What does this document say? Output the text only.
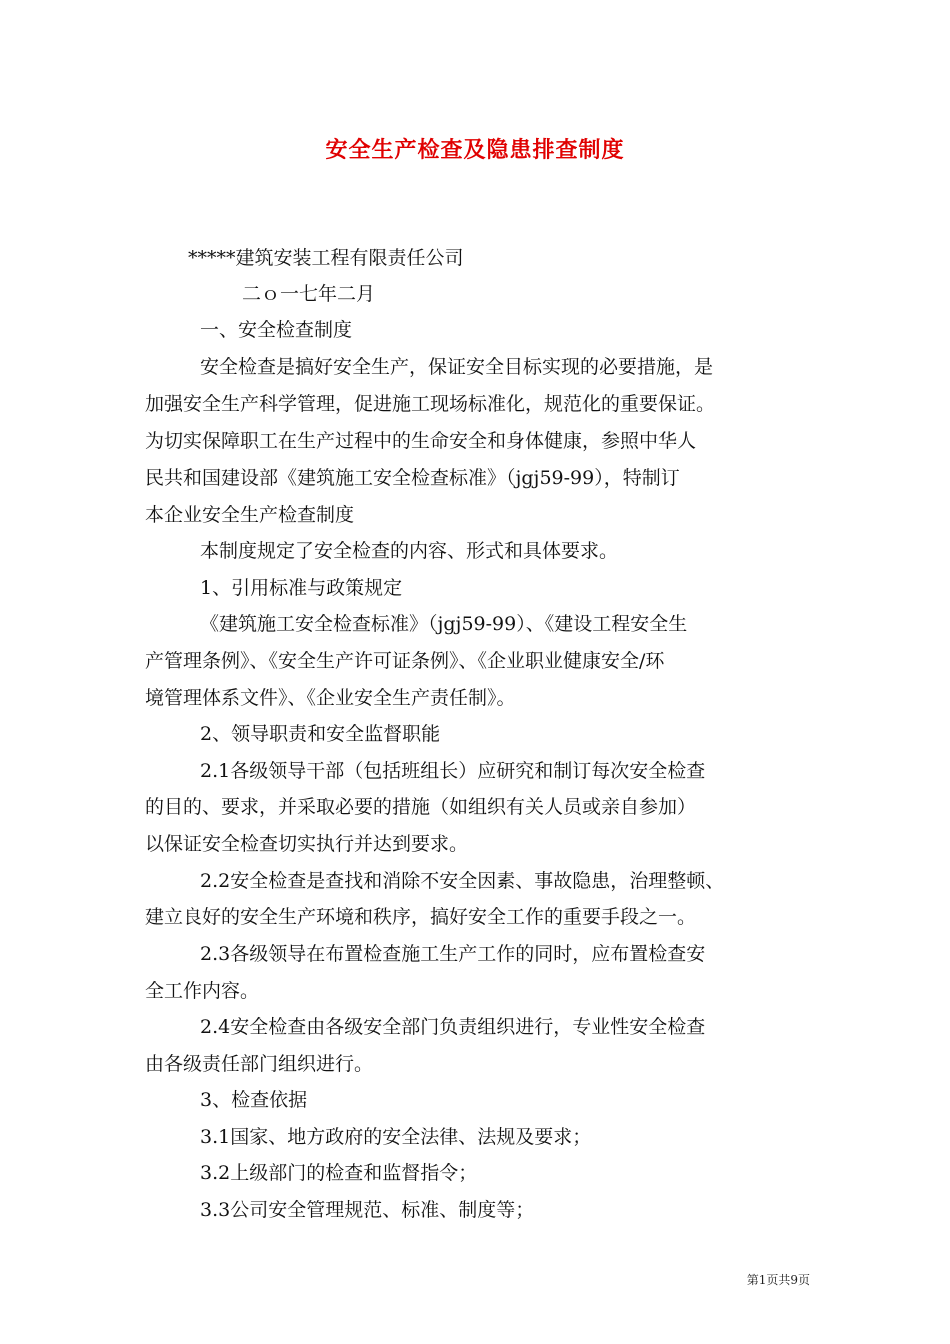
安全生产检查及隐患排查制度
*****建筑安装工程有限责任公司
二ｏ一七年二月
一、安全检查制度
安全检查是搞好安全生产，保证安全目标实现的必要措施，是
加强安全生产科学管理，促进施工现场标准化，规范化的重要保证。
为切实保障职工在生产过程中的生命安全和身体健康，参照中华人
民共和国建设部《建筑施工安全检查标准》（jgj59-99），特制订
本企业安全生产检查制度
本制度规定了安全检查的内容、形式和具体要求。
1、引用标准与政策规定
《建筑施工安全检查标准》（jgj59-99）、《建设工程安全生
产管理条例》、《安全生产许可证条例》、《企业职业健康安全/环
境管理体系文件》、《企业安全生产责任制》。
2、领导职责和安全监督职能
2.1各级领导干部（包括班组长）应研究和制订每次安全检查
的目的、要求，并采取必要的措施（如组织有关人员或亲自参加）
以保证安全检查切实执行并达到要求。
2.2安全检查是查找和消除不安全因素、事故隐患，治理整顿、
建立良好的安全生产环境和秩序，搞好安全工作的重要手段之一。
2.3各级领导在布置检查施工生产工作的同时，应布置检查安
全工作内容。
2.4安全检查由各级安全部门负责组织进行，专业性安全检查
由各级责任部门组织进行。
3、检查依据
3.1国家、地方政府的安全法律、法规及要求；
3.2上级部门的检查和监督指令；
3.3公司安全管理规范、标准、制度等；
第1页共9页
